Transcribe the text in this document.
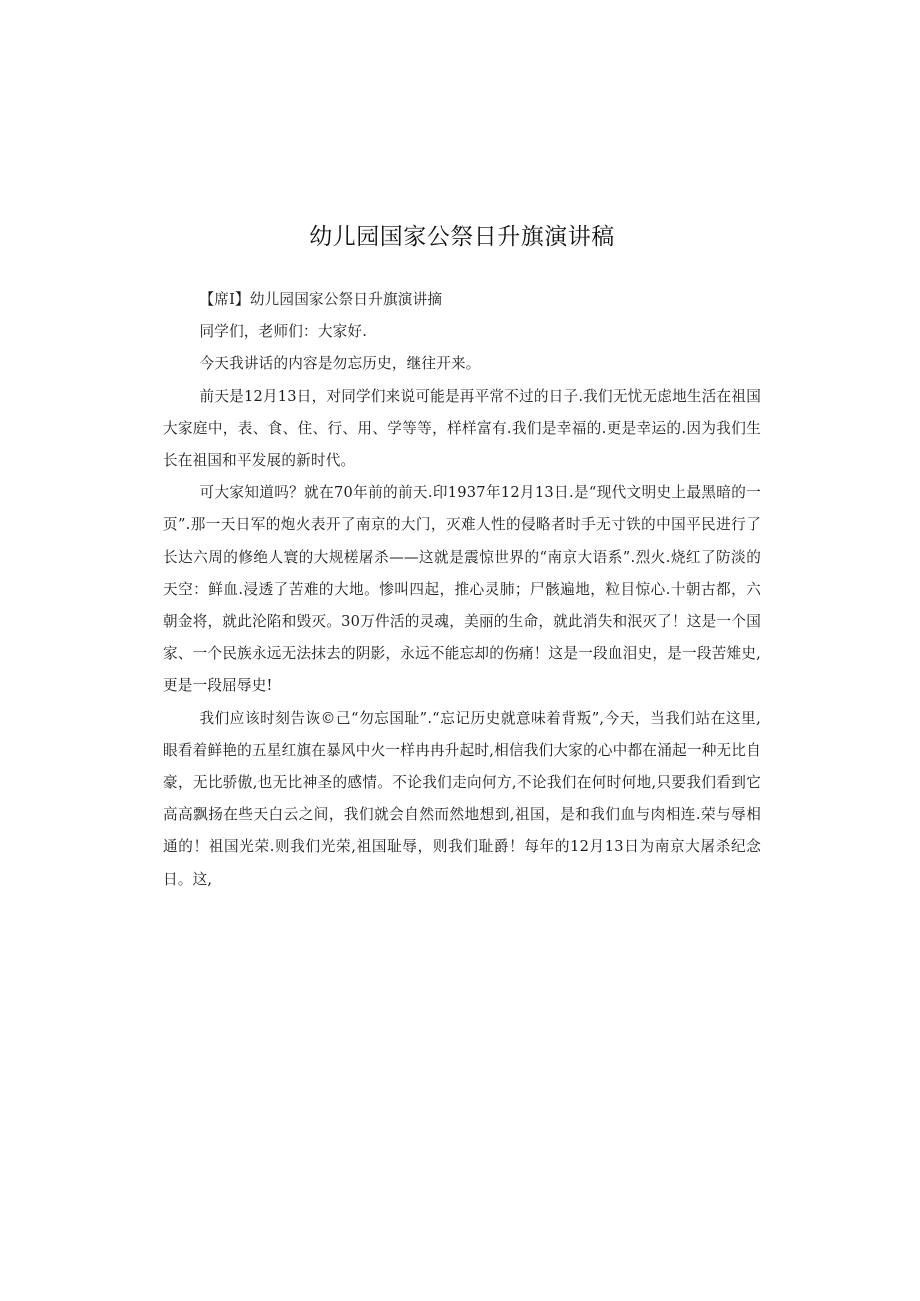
幼儿园国家公祭日升旗演讲稿

【席I】幼儿园国家公祭日升旗演讲摘

同学们，老师们：大家好.

今天我讲话的内容是勿忘历史，继往开来。

前天是12月13日，对同学们来说可能是再平常不过的日子.我们无忧无虑地生活在祖国大家庭中，表、食、住、行、用、学等等，样样富有.我们是幸福的.更是幸运的.因为我们生长在祖国和平发展的新时代。

可大家知道吗？就在70年前的前天.印1937年12月13日.是“现代文明史上最黑暗的一页”.那一天日军的炮火表开了南京的大门，灭难人性的侵略者时手无寸铁的中国平民进行了长达六周的修绝人寰的大规槎屠杀——这就是震惊世界的“南京大语系”.烈火.烧红了防淡的天空：鲜血.浸透了苦难的大地。惨叫四起，推心灵肺；尸骸遍地，粒目惊心.十朝古都，六朝金将，就此沦陷和毁灭。30万件活的灵魂，美丽的生命，就此消失和泯灭了！这是一个国家、一个民族永远无法抹去的阴影，永远不能忘却的伤痛！这是一段血泪史，是一段苦雉史,更是一段屈辱史!

我们应该时刻告诙©己“勿忘国耻”.“忘记历史就意味着背叛”,今天，当我们站在这里,眼看着鲜艳的五星红旗在暴风中火一样冉冉升起时,相信我们大家的心中都在涌起一种无比自豪，无比骄傲,也无比神圣的感情。不论我们走向何方,不论我们在何时何地,只要我们看到它高高飘扬在些天白云之间，我们就会自然而然地想到,祖国，是和我们血与肉相连.荣与辱相通的！祖国光荣.则我们光荣,祖国耻辱，则我们耻爵！每年的12月13日为南京大屠杀纪念日。这,
